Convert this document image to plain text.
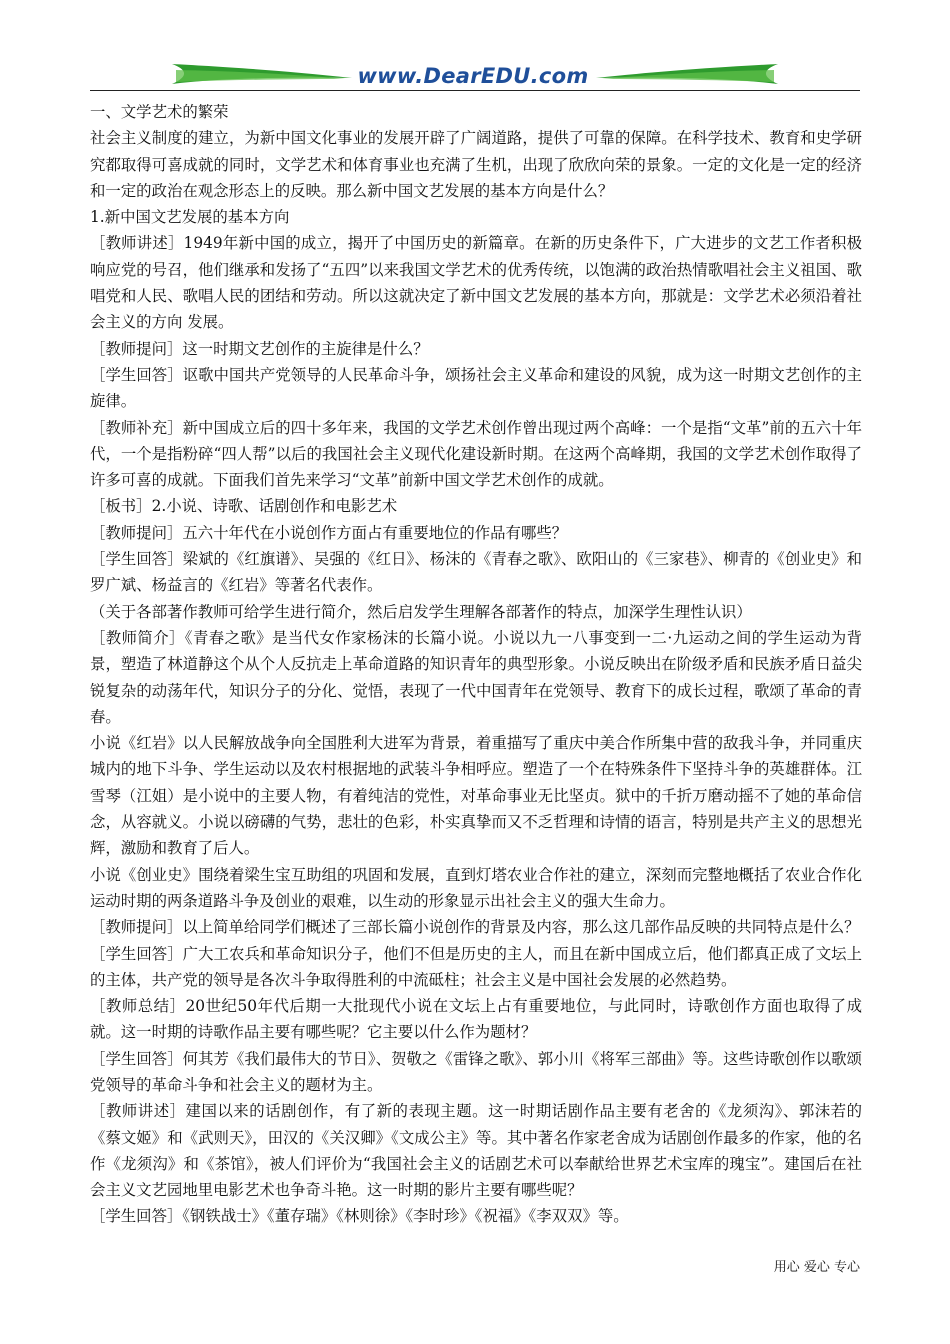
www.DearEDU.com

一、文学艺术的繁荣

社会主义制度的建立，为新中国文化事业的发展开辟了广阔道路，提供了可靠的保障。在科学技术、教育和史学研究都取得可喜成就的同时，文学艺术和体育事业也充满了生机，出现了欣欣向荣的景象。一定的文化是一定的经济和一定的政治在观念形态上的反映。那么新中国文艺发展的基本方向是什么？

1.新中国文艺发展的基本方向

［教师讲述］1949年新中国的成立，揭开了中国历史的新篇章。在新的历史条件下，广大进步的文艺工作者积极响应党的号召，他们继承和发扬了“五四”以来我国文学艺术的优秀传统，以饱满的政治热情歌唱社会主义祖国、歌唱党和人民、歌唱人民的团结和劳动。所以这就决定了新中国文艺发展的基本方向，那就是：文学艺术必须沿着社会主义的方向 发展。

［教师提问］这一时期文艺创作的主旋律是什么？

［学生回答］讴歌中国共产党领导的人民革命斗争，颂扬社会主义革命和建设的风貌，成为这一时期文艺创作的主旋律。

［教师补充］新中国成立后的四十多年来，我国的文学艺术创作曾出现过两个高峰：一个是指“文革”前的五六十年代，一个是指粉碎“四人帮”以后的我国社会主义现代化建设新时期。在这两个高峰期，我国的文学艺术创作取得了许多可喜的成就。下面我们首先来学习“文革”前新中国文学艺术创作的成就。

［板书］2.小说、诗歌、话剧创作和电影艺术

［教师提问］五六十年代在小说创作方面占有重要地位的作品有哪些？

［学生回答］梁斌的《红旗谱》、吴强的《红日》、杨沫的《青春之歌》、欧阳山的《三家巷》、柳青的《创业史》和罗广斌、杨益言的《红岩》等著名代表作。

（关于各部著作教师可给学生进行简介，然后启发学生理解各部著作的特点，加深学生理性认识）

［教师简介］《青春之歌》是当代女作家杨沫的长篇小说。小说以九一八事变到一二·九运动之间的学生运动为背景，塑造了林道静这个从个人反抗走上革命道路的知识青年的典型形象。小说反映出在阶级矛盾和民族矛盾日益尖锐复杂的动荡年代，知识分子的分化、觉悟，表现了一代中国青年在党领导、教育下的成长过程，歌颂了革命的青春。

小说《红岩》以人民解放战争向全国胜利大进军为背景，着重描写了重庆中美合作所集中营的敌我斗争，并同重庆城内的地下斗争、学生运动以及农村根据地的武装斗争相呼应。塑造了一个在特殊条件下坚持斗争的英雄群体。江雪琴（江姐）是小说中的主要人物，有着纯洁的党性，对革命事业无比坚贞。狱中的千折万磨动摇不了她的革命信念，从容就义。小说以磅礴的气势，悲壮的色彩，朴实真挚而又不乏哲理和诗情的语言，特别是共产主义的思想光辉，激励和教育了后人。

小说《创业史》围绕着梁生宝互助组的巩固和发展，直到灯塔农业合作社的建立，深刻而完整地概括了农业合作化运动时期的两条道路斗争及创业的艰难，以生动的形象显示出社会主义的强大生命力。

［教师提问］以上简单给同学们概述了三部长篇小说创作的背景及内容，那么这几部作品反映的共同特点是什么？

［学生回答］广大工农兵和革命知识分子，他们不但是历史的主人，而且在新中国成立后，他们都真正成了文坛上的主体，共产党的领导是各次斗争取得胜利的中流砥柱；社会主义是中国社会发展的必然趋势。

［教师总结］20世纪50年代后期一大批现代小说在文坛上占有重要地位，与此同时，诗歌创作方面也取得了成就。这一时期的诗歌作品主要有哪些呢？它主要以什么作为题材？

［学生回答］何其芳《我们最伟大的节日》、贺敬之《雷锋之歌》、郭小川《将军三部曲》等。这些诗歌创作以歌颂党领导的革命斗争和社会主义的题材为主。

［教师讲述］建国以来的话剧创作，有了新的表现主题。这一时期话剧作品主要有老舍的《龙须沟》、郭沫若的《蔡文姬》和《武则天》，田汉的《关汉卿》《文成公主》等。其中著名作家老舍成为话剧创作最多的作家，他的名作《龙须沟》和《茶馆》，被人们评价为“我国社会主义的话剧艺术可以奉献给世界艺术宝库的瑰宝”。建国后在社会主义文艺园地里电影艺术也争奇斗艳。这一时期的影片主要有哪些呢？

［学生回答］《钢铁战士》《董存瑞》《林则徐》《李时珍》《祝福》《李双双》等。

用心 爱心 专心
